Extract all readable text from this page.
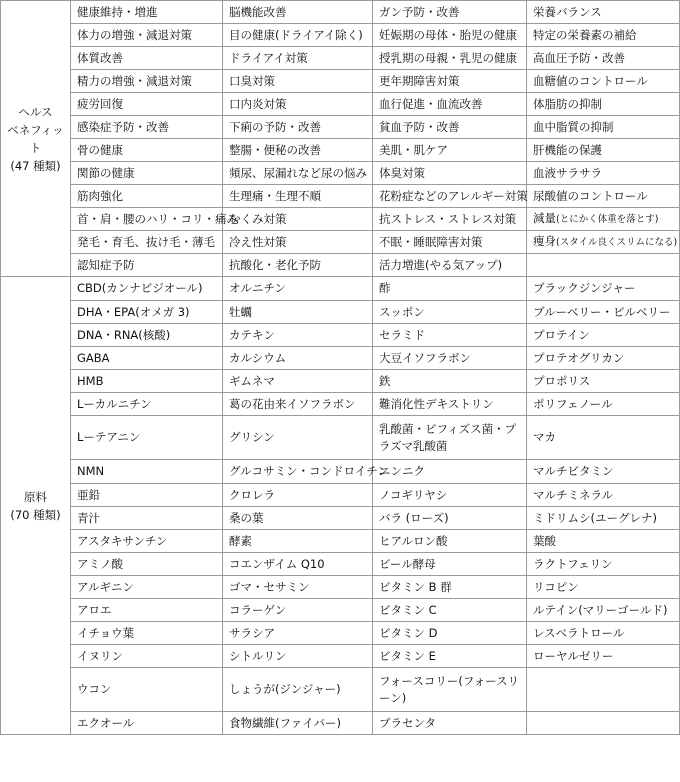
ヘルス
ベネフィット
(47 種類)	健康維持・増進	脳機能改善	ガン予防・改善	栄養バランス
	体力の増強・減退対策	目の健康(ドライアイ除く)	妊娠期の母体・胎児の健康	特定の栄養素の補給
	体質改善	ドライアイ対策	授乳期の母親・乳児の健康	高血圧予防・改善
	精力の増強・減退対策	口臭対策	更年期障害対策	血糖値のコントロール
	疲労回復	口内炎対策	血行促進・血流改善	体脂肪の抑制
	感染症予防・改善	下痢の予防・改善	貧血予防・改善	血中脂質の抑制
	骨の健康	整腸・便秘の改善	美肌・肌ケア	肝機能の保護
	関節の健康	頻尿、尿漏れなど尿の悩み	体臭対策	血液サラサラ
	筋肉強化	生理痛・生理不順	花粉症などのアレルギー対策	尿酸値のコントロール
	首・肩・腰のハリ・コリ・痛み	むくみ対策	抗ストレス・ストレス対策	減量(とにかく体重を落とす)
	発毛・育毛、抜け毛・薄毛	冷え性対策	不眠・睡眠障害対策	痩身(スタイル良くスリムになる)
	認知症予防	抗酸化・老化予防	活力増進(やる気アップ)	

原料
(70 種類)	CBD(カンナビジオール)	オルニチン	酢	ブラックジンジャー
	DHA・EPA(オメガ 3)	牡蠣	スッポン	ブルーベリー・ビルベリー
	DNA・RNA(核酸)	カテキン	セラミド	プロテイン
	GABA	カルシウム	大豆イソフラボン	プロテオグリカン
	HMB	ギムネマ	鉄	プロポリス
	Lーカルニチン	葛の花由来イソフラボン	難消化性デキストリン	ポリフェノール
	Lーテアニン	グリシン	乳酸菌・ビフィズス菌・プラズマ乳酸菌	マカ
	NMN	グルコサミン・コンドロイチン	ニンニク	マルチビタミン
	亜鉛	クロレラ	ノコギリヤシ	マルチミネラル
	青汁	桑の葉	バラ (ローズ)	ミドリムシ(ユーグレナ)
	アスタキサンチン	酵素	ヒアルロン酸	葉酸
	アミノ酸	コエンザイム Q10	ビール酵母	ラクトフェリン
	アルギニン	ゴマ・セサミン	ビタミン B 群	リコピン
	アロエ	コラーゲン	ビタミン C	ルテイン(マリーゴールド)
	イチョウ葉	サラシア	ビタミン D	レスベラトロール
	イヌリン	シトルリン	ビタミン E	ローヤルゼリー
	ウコン	しょうが(ジンジャー)	フォースコリー(フォースリーン)	
	エクオール	食物繊維(ファイバー)	プラセンタ	
